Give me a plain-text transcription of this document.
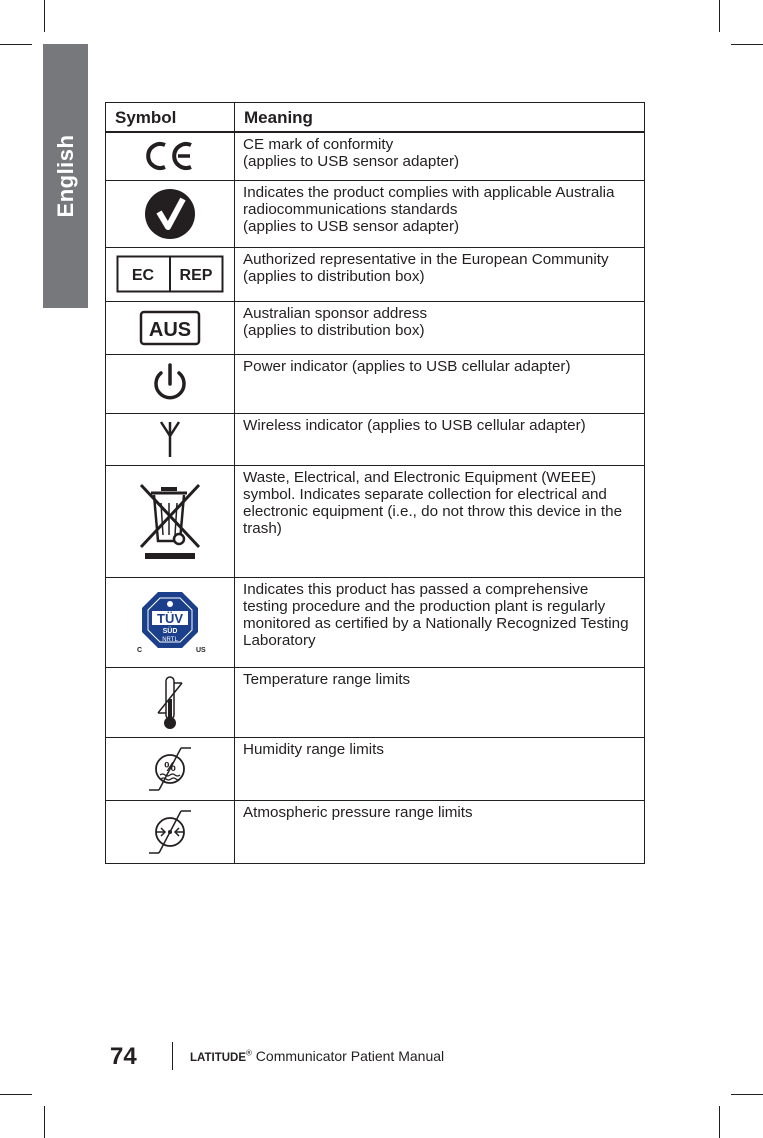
English
Symbol	Meaning

	CE mark of conformity
(applies to USB sensor adapter)

	Indicates the product complies with applicable Australia radiocommunications standards
(applies to USB sensor adapter)

EC REP	Authorized representative in the European Community (applies to distribution box)

AUS	Australian sponsor address
(applies to distribution box)

	Power indicator (applies to USB cellular adapter)

	Wireless indicator (applies to USB cellular adapter)

	Waste, Electrical, and Electronic Equipment (WEEE) symbol. Indicates separate collection for electrical and electronic equipment (i.e., do not throw this device in the trash)

TÜV
SÜD
NRTL
C US	Indicates this product has passed a comprehensive testing procedure and the production plant is regularly monitored as certified by a Nationally Recognized Testing Laboratory

	Temperature range limits

%	Humidity range limits

	Atmospheric pressure range limits
74	LATITUDE® Communicator Patient Manual
